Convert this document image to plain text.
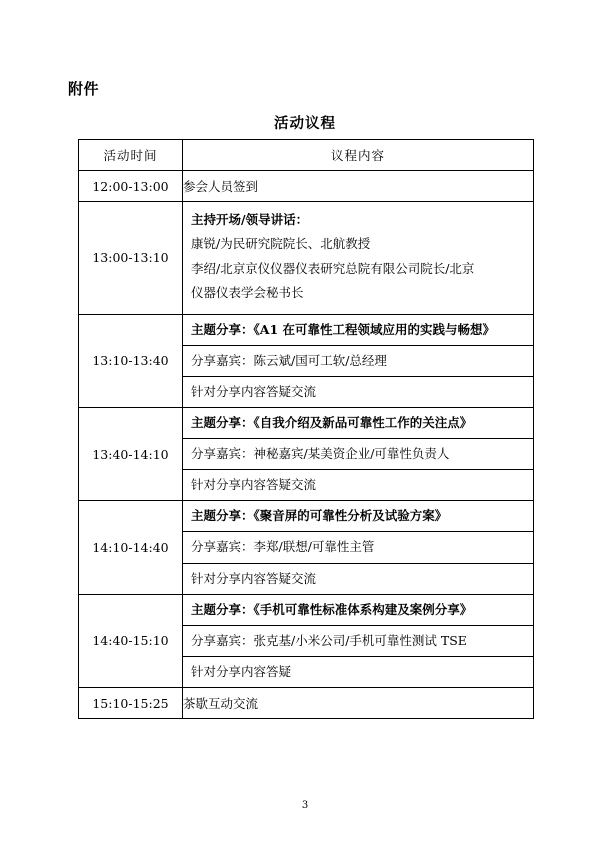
附件
活动议程
活动时间	议程内容
12:00-13:00	参会人员签到
13:00-13:10	主持开场/领导讲话：
康锐/为民研究院院长、北航教授
李绍/北京京仪仪器仪表研究总院有限公司院长/北京
仪器仪表学会秘书长

13:10-13:40	主题分享：《A1 在可靠性工程领域应用的实践与畅想》
分享嘉宾：陈云斌/国可工软/总经理
针对分享内容答疑交流

13:40-14:10	主题分享：《自我介绍及新品可靠性工作的关注点》
分享嘉宾：神秘嘉宾/某美资企业/可靠性负责人
针对分享内容答疑交流

14:10-14:40	主题分享：《聚音屏的可靠性分析及试验方案》
分享嘉宾：李郑/联想/可靠性主管
针对分享内容答疑交流

14:40-15:10	主题分享：《手机可靠性标准体系构建及案例分享》
分享嘉宾：张克基/小米公司/手机可靠性测试 TSE
针对分享内容答疑

15:10-15:25	茶歇互动交流
3
